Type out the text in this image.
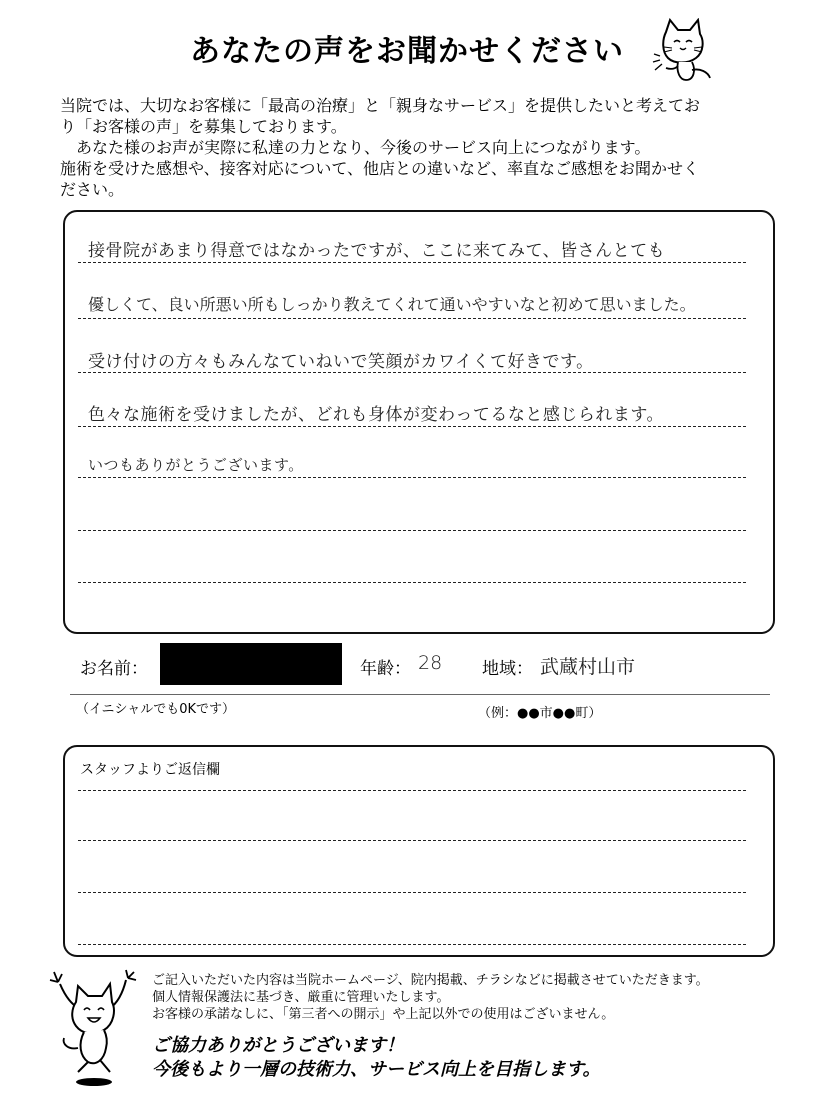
あなたの声をお聞かせください

当院では、大切なお客様に「最高の治療」と「親身なサービス」を提供したいと考えてお

り「お客様の声」を募集しております。

　あなた様のお声が実際に私達の力となり、今後のサービス向上につながります。

施術を受けた感想や、接客対応について、他店との違いなど、率直なご感想をお聞かせく

ださい。

接骨院があまり得意ではなかったですが、ここに来てみて、皆さんとても
優しくて、良い所悪い所もしっかり教えてくれて通いやすいなと初めて思いました。
受け付けの方々もみんなていねいで笑顔がカワイくて好きです。
色々な施術を受けましたが、どれも身体が変わってるなと感じられます。
いつもありがとうございます。
お名前：	年齢： 28 地域： 武蔵村山市
（イニシャルでも0Kです）	（例：●●市●●町）
スタッフよりご返信欄

ご記入いただいた内容は当院ホームページ、院内掲載、チラシなどに掲載させていただきます。

個人情報保護法に基づき、厳重に管理いたします。

お客様の承諾なしに、「第三者への開示」や上記以外での使用はございません。

ご協力ありがとうございます！

今後もより一層の技術力、サービス向上を目指します。
